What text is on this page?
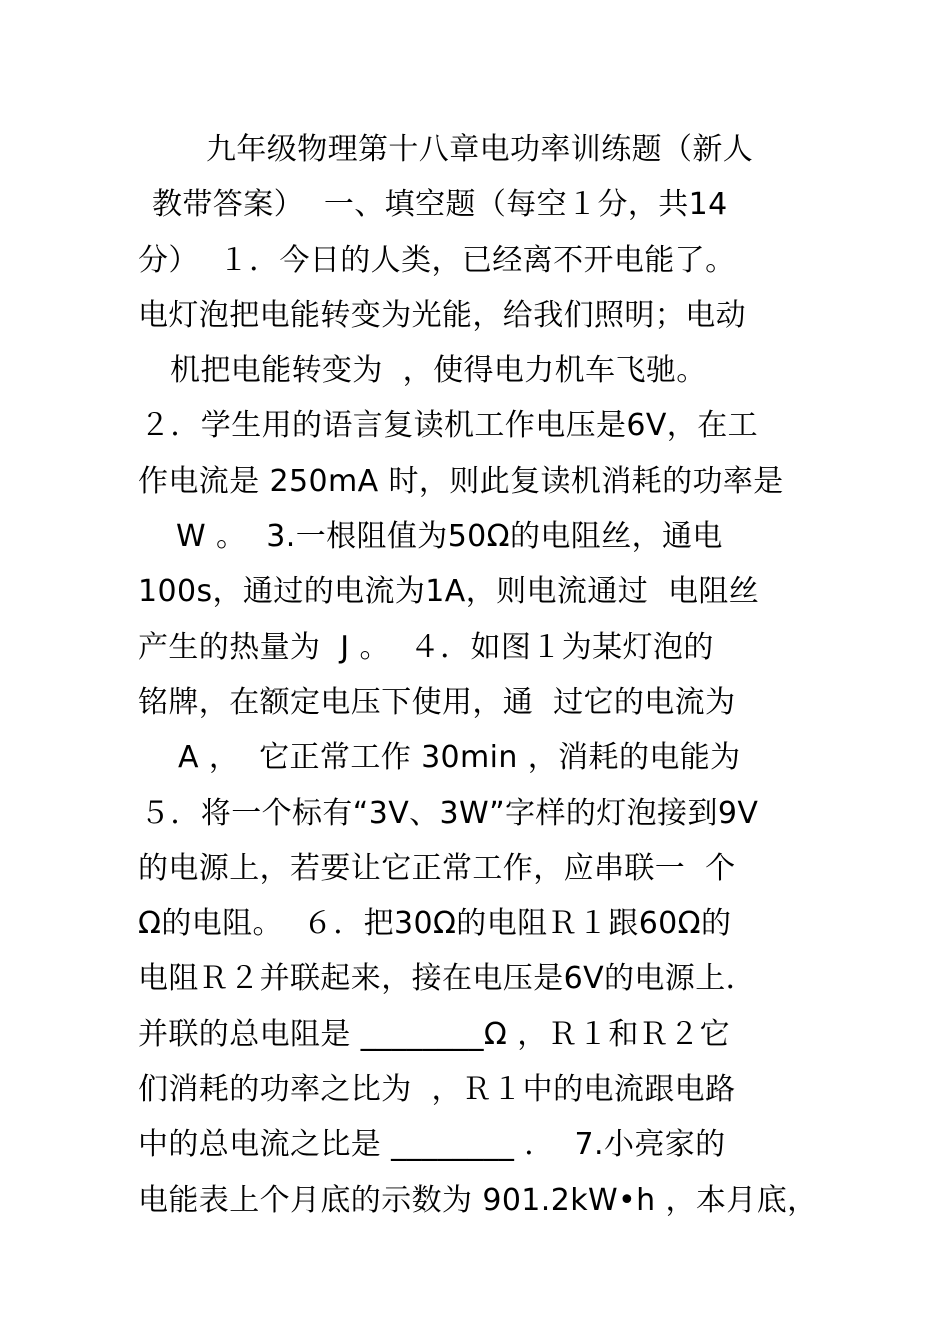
九年级物理第十八章电功率训练题（新人
教带答案）  一、填空题（每空１分，共14
分）  １．今日的人类，已经离不开电能了。
电灯泡把电能转变为光能，给我们照明；电动
机把电能转变为  ，使得电力机车飞驰。
２．学生用的语言复读机工作电压是6V，在工
作电流是 250mA 时，则此复读机消耗的功率是
W 。  3.一根阻值为50Ω的电阻丝，通电
100s，通过的电流为1A，则电流通过  电阻丝
产生的热量为  J 。  ４．如图１为某灯泡的
铭牌，在额定电压下使用，通  过它的电流为
A ，  它正常工作 30min ，消耗的电能为
５．将一个标有“3V、3W”字样的灯泡接到9V
的电源上，若要让它正常工作，应串联一  个
Ω的电阻。  ６．把30Ω的电阻Ｒ１跟60Ω的
电阻Ｒ２并联起来，接在电压是6V的电源上．
并联的总电阻是 ________Ω ，Ｒ１和Ｒ２它
们消耗的功率之比为  ，Ｒ１中的电流跟电路
中的总电流之比是 ________ ．  7.小亮家的
电能表上个月底的示数为 901.2kW•h ，本月底，
